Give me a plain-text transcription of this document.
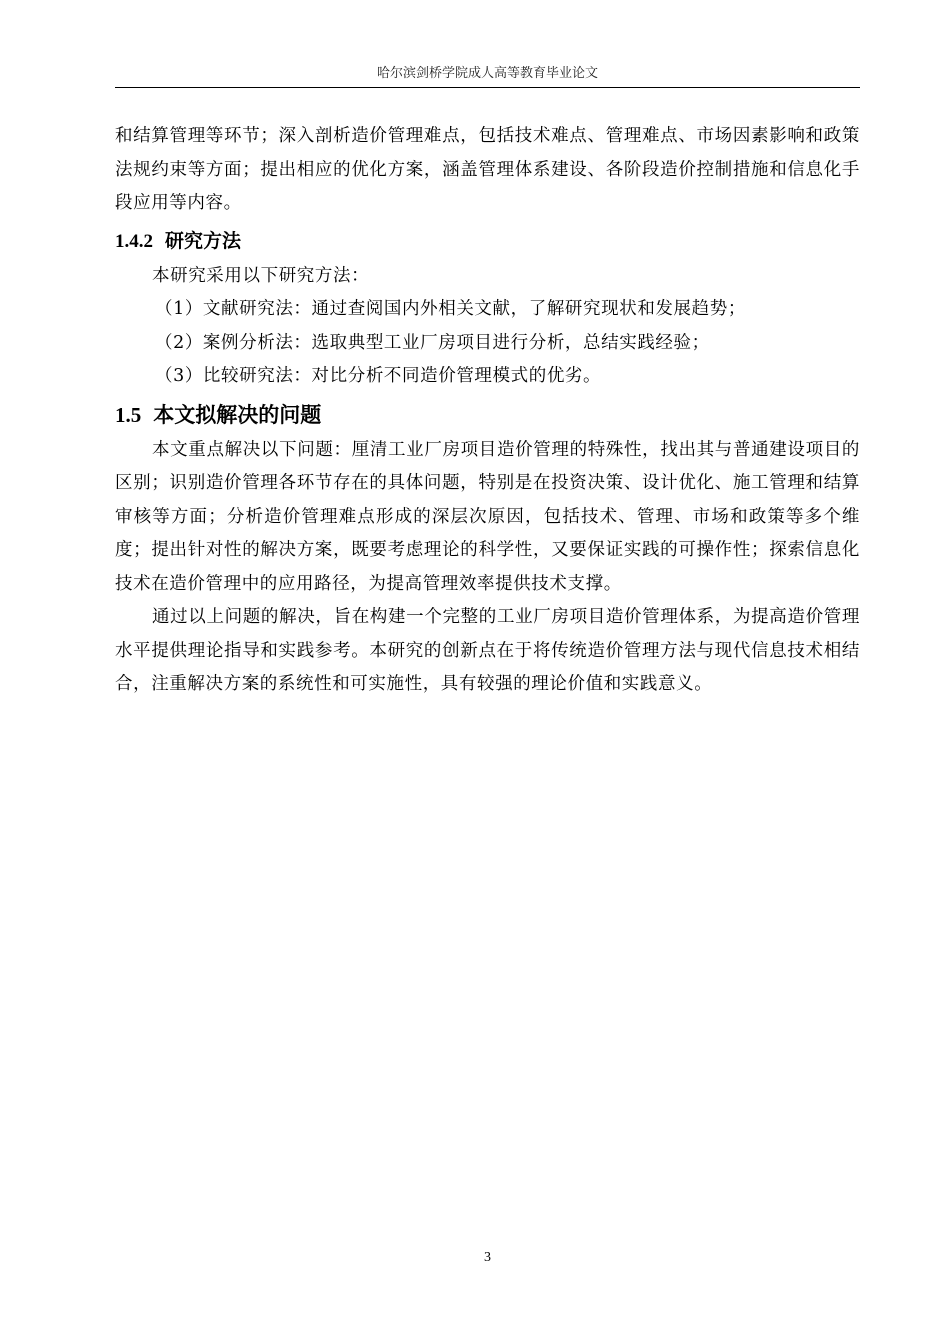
哈尔滨剑桥学院成人高等教育毕业论文

和结算管理等环节；深入剖析造价管理难点，包括技术难点、管理难点、市场因素影响和政策法规约束等方面；提出相应的优化方案，涵盖管理体系建设、各阶段造价控制措施和信息化手段应用等内容。

1.4.2 研究方法

本研究采用以下研究方法：

（1）文献研究法：通过查阅国内外相关文献，了解研究现状和发展趋势；

（2）案例分析法：选取典型工业厂房项目进行分析，总结实践经验；

（3）比较研究法：对比分析不同造价管理模式的优劣。

1.5 本文拟解决的问题

本文重点解决以下问题：厘清工业厂房项目造价管理的特殊性，找出其与普通建设项目的区别；识别造价管理各环节存在的具体问题，特别是在投资决策、设计优化、施工管理和结算审核等方面；分析造价管理难点形成的深层次原因，包括技术、管理、市场和政策等多个维度；提出针对性的解决方案，既要考虑理论的科学性，又要保证实践的可操作性；探索信息化技术在造价管理中的应用路径，为提高管理效率提供技术支撑。

通过以上问题的解决，旨在构建一个完整的工业厂房项目造价管理体系，为提高造价管理水平提供理论指导和实践参考。本研究的创新点在于将传统造价管理方法与现代信息技术相结合，注重解决方案的系统性和可实施性，具有较强的理论价值和实践意义。

3
